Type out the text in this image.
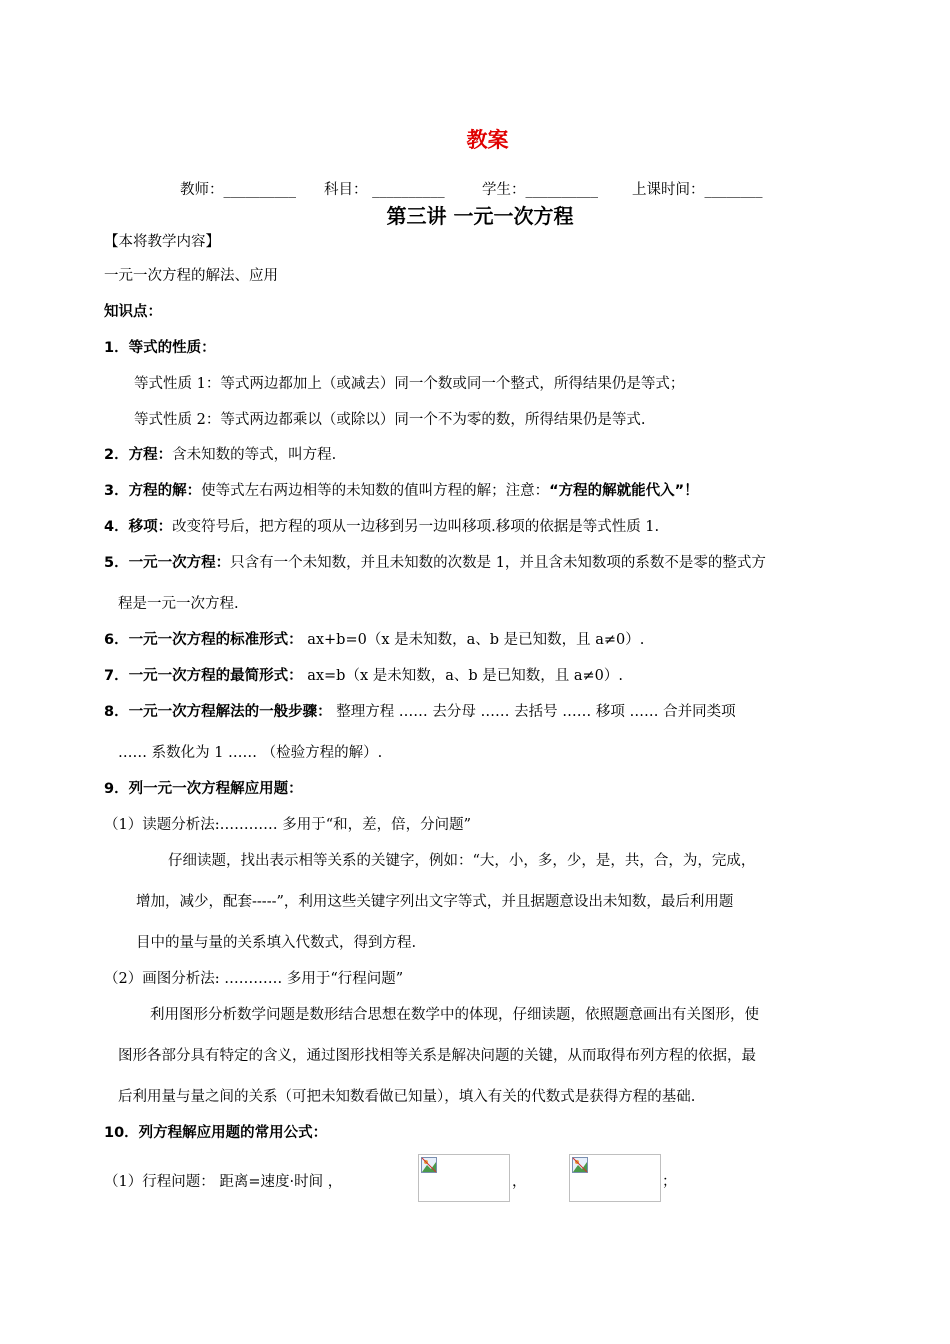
教案
教师：__________ 科目： __________	学生：__________ 上课时间：________
第三讲 一元一次方程
【本将教学内容】
一元一次方程的解法、应用
知识点：
1．等式的性质：
等式性质 1：等式两边都加上（或减去）同一个数或同一个整式，所得结果仍是等式；
等式性质 2：等式两边都乘以（或除以）同一个不为零的数，所得结果仍是等式.
2．方程：含未知数的等式，叫方程.
3．方程的解：使等式左右两边相等的未知数的值叫方程的解；注意：“方程的解就能代入”！
4．移项：改变符号后，把方程的项从一边移到另一边叫移项.移项的依据是等式性质 1.
5．一元一次方程：只含有一个未知数，并且未知数的次数是 1，并且含未知数项的系数不是零的整式方
程是一元一次方程.
6．一元一次方程的标准形式： ax+b=0（x 是未知数，a、b 是已知数，且 a≠0）.
7．一元一次方程的最简形式： ax=b（x 是未知数，a、b 是已知数，且 a≠0）.
8．一元一次方程解法的一般步骤： 整理方程 …… 去分母 …… 去括号 …… 移项 …… 合并同类项
…… 系数化为 1 …… （检验方程的解）.
9．列一元一次方程解应用题：
（1）读题分析法:………… 多用于“和，差，倍，分问题”
仔细读题，找出表示相等关系的关键字，例如：“大，小，多，少，是，共，合，为，完成，
增加，减少，配套-----”，利用这些关键字列出文字等式，并且据题意设出未知数，最后利用题
目中的量与量的关系填入代数式，得到方程.
（2）画图分析法: ………… 多用于“行程问题”
利用图形分析数学问题是数形结合思想在数学中的体现，仔细读题，依照题意画出有关图形，使
图形各部分具有特定的含义，通过图形找相等关系是解决问题的关键，从而取得布列方程的依据，最
后利用量与量之间的关系（可把未知数看做已知量），填入有关的代数式是获得方程的基础.
10．列方程解应用题的常用公式：
（1）行程问题： 距离=速度·时间 ，	，	；
